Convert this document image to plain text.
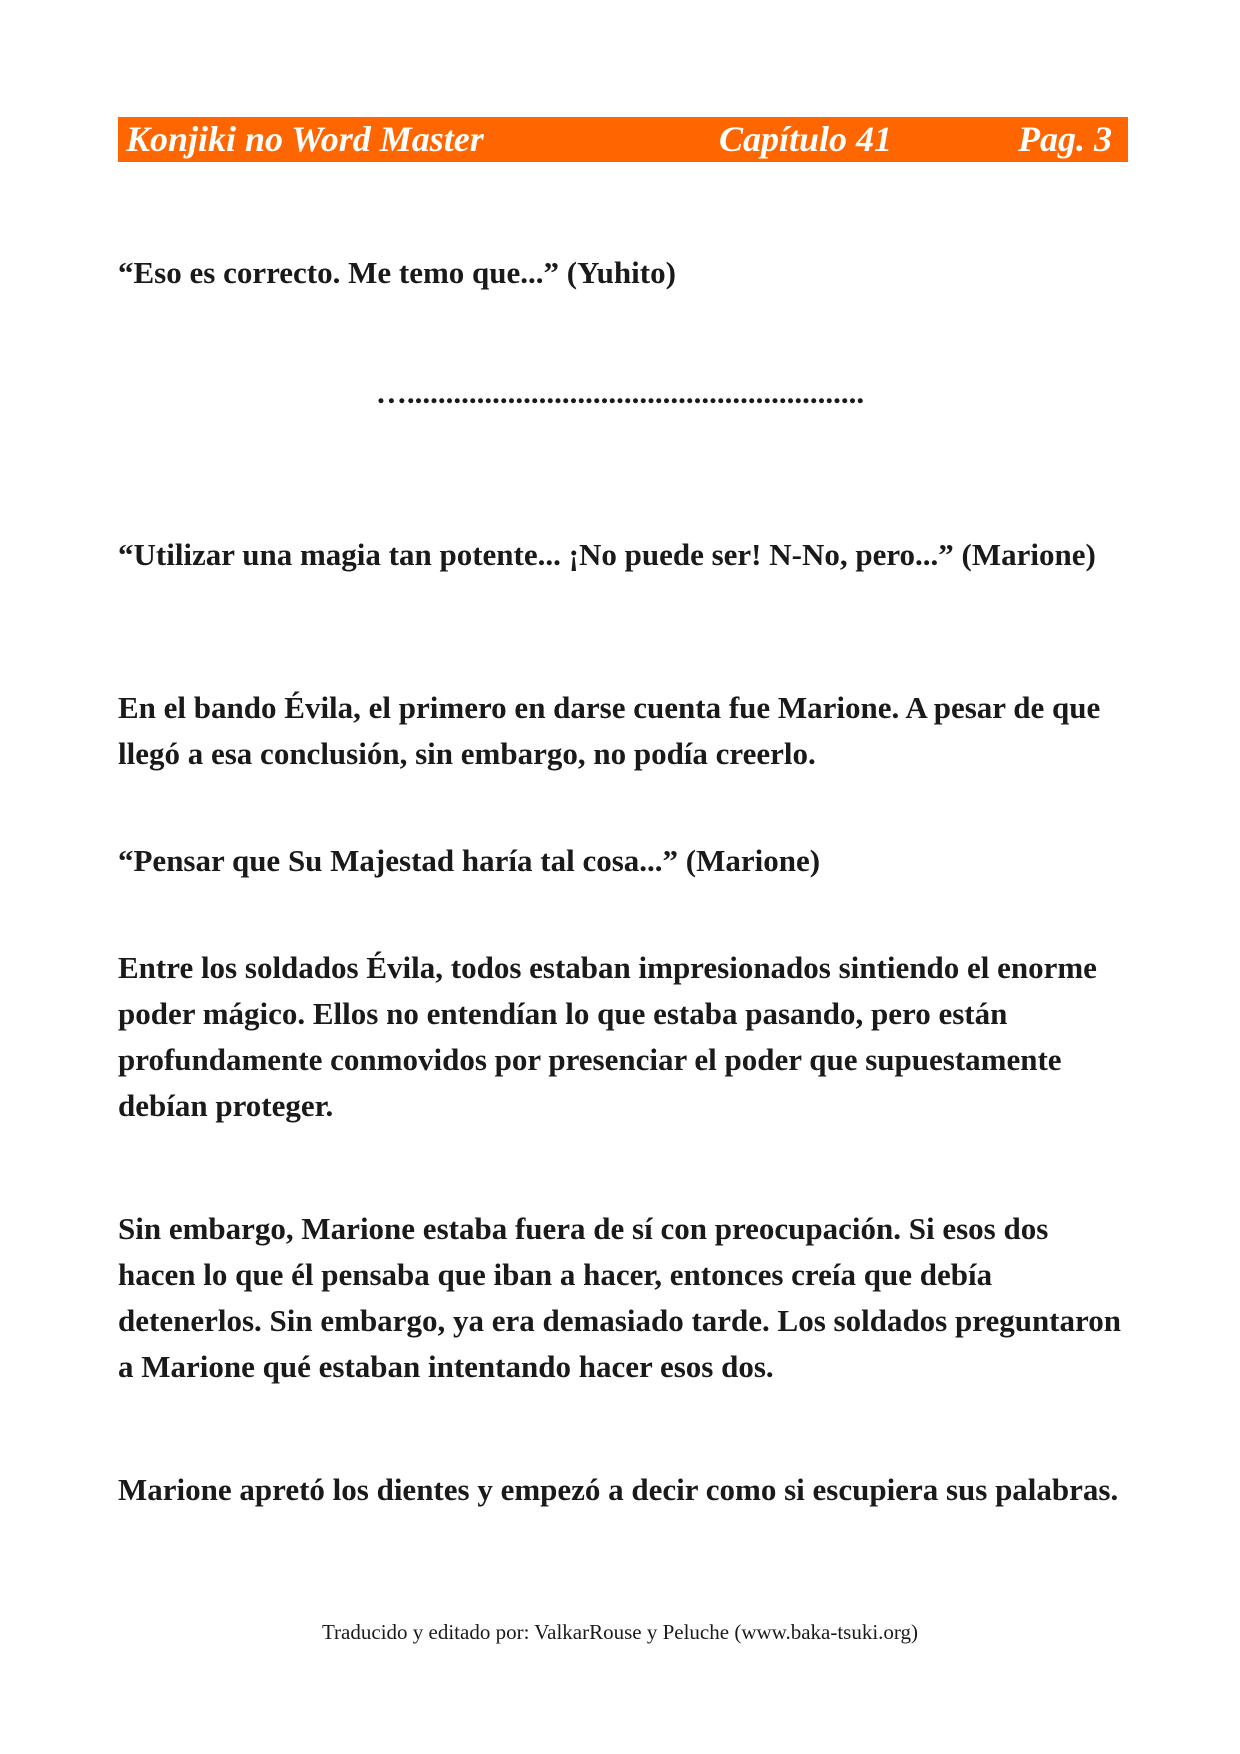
Konjiki no Word Master	Capítulo 41	Pag. 3

“Eso es correcto. Me temo que...” (Yuhito)

…...........................................................

“Utilizar una magia tan potente... ¡No puede ser! N-No, pero...” (Marione)

En el bando Évila, el primero en darse cuenta fue Marione. A pesar de que llegó a esa conclusión, sin embargo, no podía creerlo.

“Pensar que Su Majestad haría tal cosa...” (Marione)

Entre los soldados Évila, todos estaban impresionados sintiendo el enorme poder mágico. Ellos no entendían lo que estaba pasando, pero están profundamente conmovidos por presenciar el poder que supuestamente debían proteger.

Sin embargo, Marione estaba fuera de sí con preocupación. Si esos dos hacen lo que él pensaba que iban a hacer, entonces creía que debía detenerlos. Sin embargo, ya era demasiado tarde. Los soldados preguntaron a Marione qué estaban intentando hacer esos dos.

Marione apretó los dientes y empezó a decir como si escupiera sus palabras.

Traducido y editado por: ValkarRouse y Peluche (www.baka-tsuki.org)
